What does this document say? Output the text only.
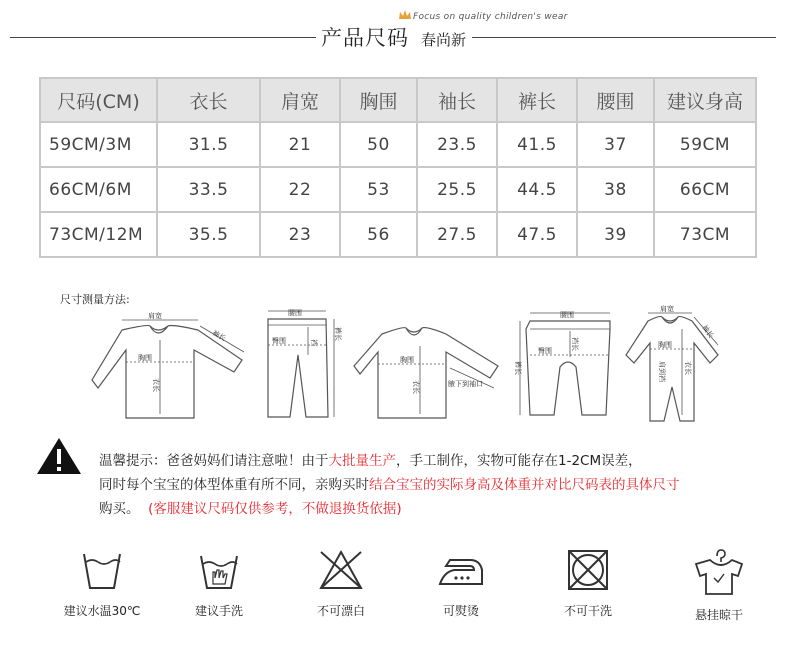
Focus on quality children's wear
产品尺码 春尚新
尺码(CM)	衣长	肩宽	胸围	袖长	裤长	腰围	建议身高
59CM/3M	31.5	21	50	23.5	41.5	37	59CM
66CM/6M	33.5	22	53	25.5	44.5	38	66CM
73CM/12M	35.5	23	56	27.5	47.5	39	73CM
尺寸测量方法:
肩宽
袖长
胸围
衣长
腰围
臀围	裆
裤长
胸围
衣长	腋下到袖口
腰围
臀围	裆长
裤长
肩宽
袖长
胸围
肩到裆	衣长
温馨提示：爸爸妈妈们请注意啦！由于大批量生产，手工制作，实物可能存在1-2CM误差，
同时每个宝宝的体型体重有所不同，亲购买时结合宝宝的实际身高及体重并对比尺码表的具体尺寸
购买。 (客服建议尺码仅供参考，不做退换货依据)
建议水温30℃	建议手洗	不可漂白	可熨烫	不可干洗	悬挂晾干
